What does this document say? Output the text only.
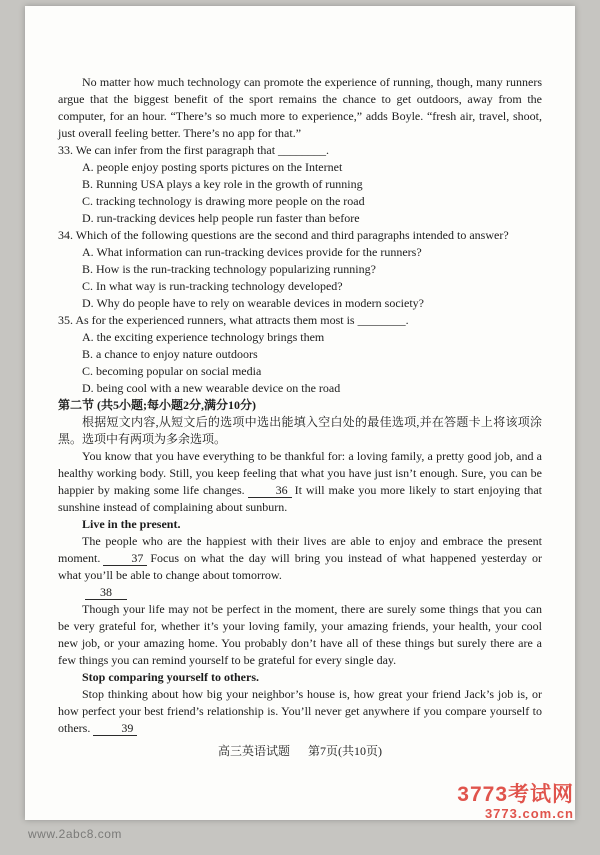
No matter how much technology can promote the experience of running, though, many runners argue that the biggest benefit of the sport remains the chance to get outdoors, away from the computer, for an hour. “There’s so much more to experience,” adds Boyle. “fresh air, travel, shoot, just overall feeling better. There’s no app for that.”

33. We can infer from the first paragraph that ________.

A. people enjoy posting sports pictures on the Internet

B. Running USA plays a key role in the growth of running

C. tracking technology is drawing more people on the road

D. run-tracking devices help people run faster than before

34. Which of the following questions are the second and third paragraphs intended to answer?

A. What information can run-tracking devices provide for the runners?

B. How is the run-tracking technology popularizing running?

C. In what way is run-tracking technology developed?

D. Why do people have to rely on wearable devices in modern society?

35. As for the experienced runners, what attracts them most is ________.

A. the exciting experience technology brings them

B. a chance to enjoy nature outdoors

C. becoming popular on social media

D. being cool with a new wearable device on the road

第二节 (共5小题;每小题2分,满分10分)

根据短文内容,从短文后的选项中选出能填入空白处的最佳选项,并在答题卡上将该项涂黑。选项中有两项为多余选项。

You know that you have everything to be thankful for: a loving family, a pretty good job, and a healthy working body. Still, you keep feeling that what you have just isn’t enough. Sure, you can be happier by making some life changes.	36 It will make you more likely to start enjoying that sunshine instead of complaining about sunburn.

Live in the present.

The people who are the happiest with their lives are able to enjoy and embrace the present moment.	37 Focus on what the day will bring you instead of what happened yesterday or what you’ll be able to change about tomorrow.

38

Though your life may not be perfect in the moment, there are surely some things that you can be very grateful for, whether it’s your loving family, your amazing friends, your health, your cool new job, or your amazing home. You probably don’t have all of these things but surely there are a few things you can remind yourself to be grateful for every single day.

Stop comparing yourself to others.

Stop thinking about how big your neighbor’s house is, how great your friend Jack’s job is, or how perfect your best friend’s relationship is. You’ll never get anywhere if you compare yourself to others.	39

高三英语试题 第7页(共10页)
www.2abc8.com
3773考试网
3773.com.cn
